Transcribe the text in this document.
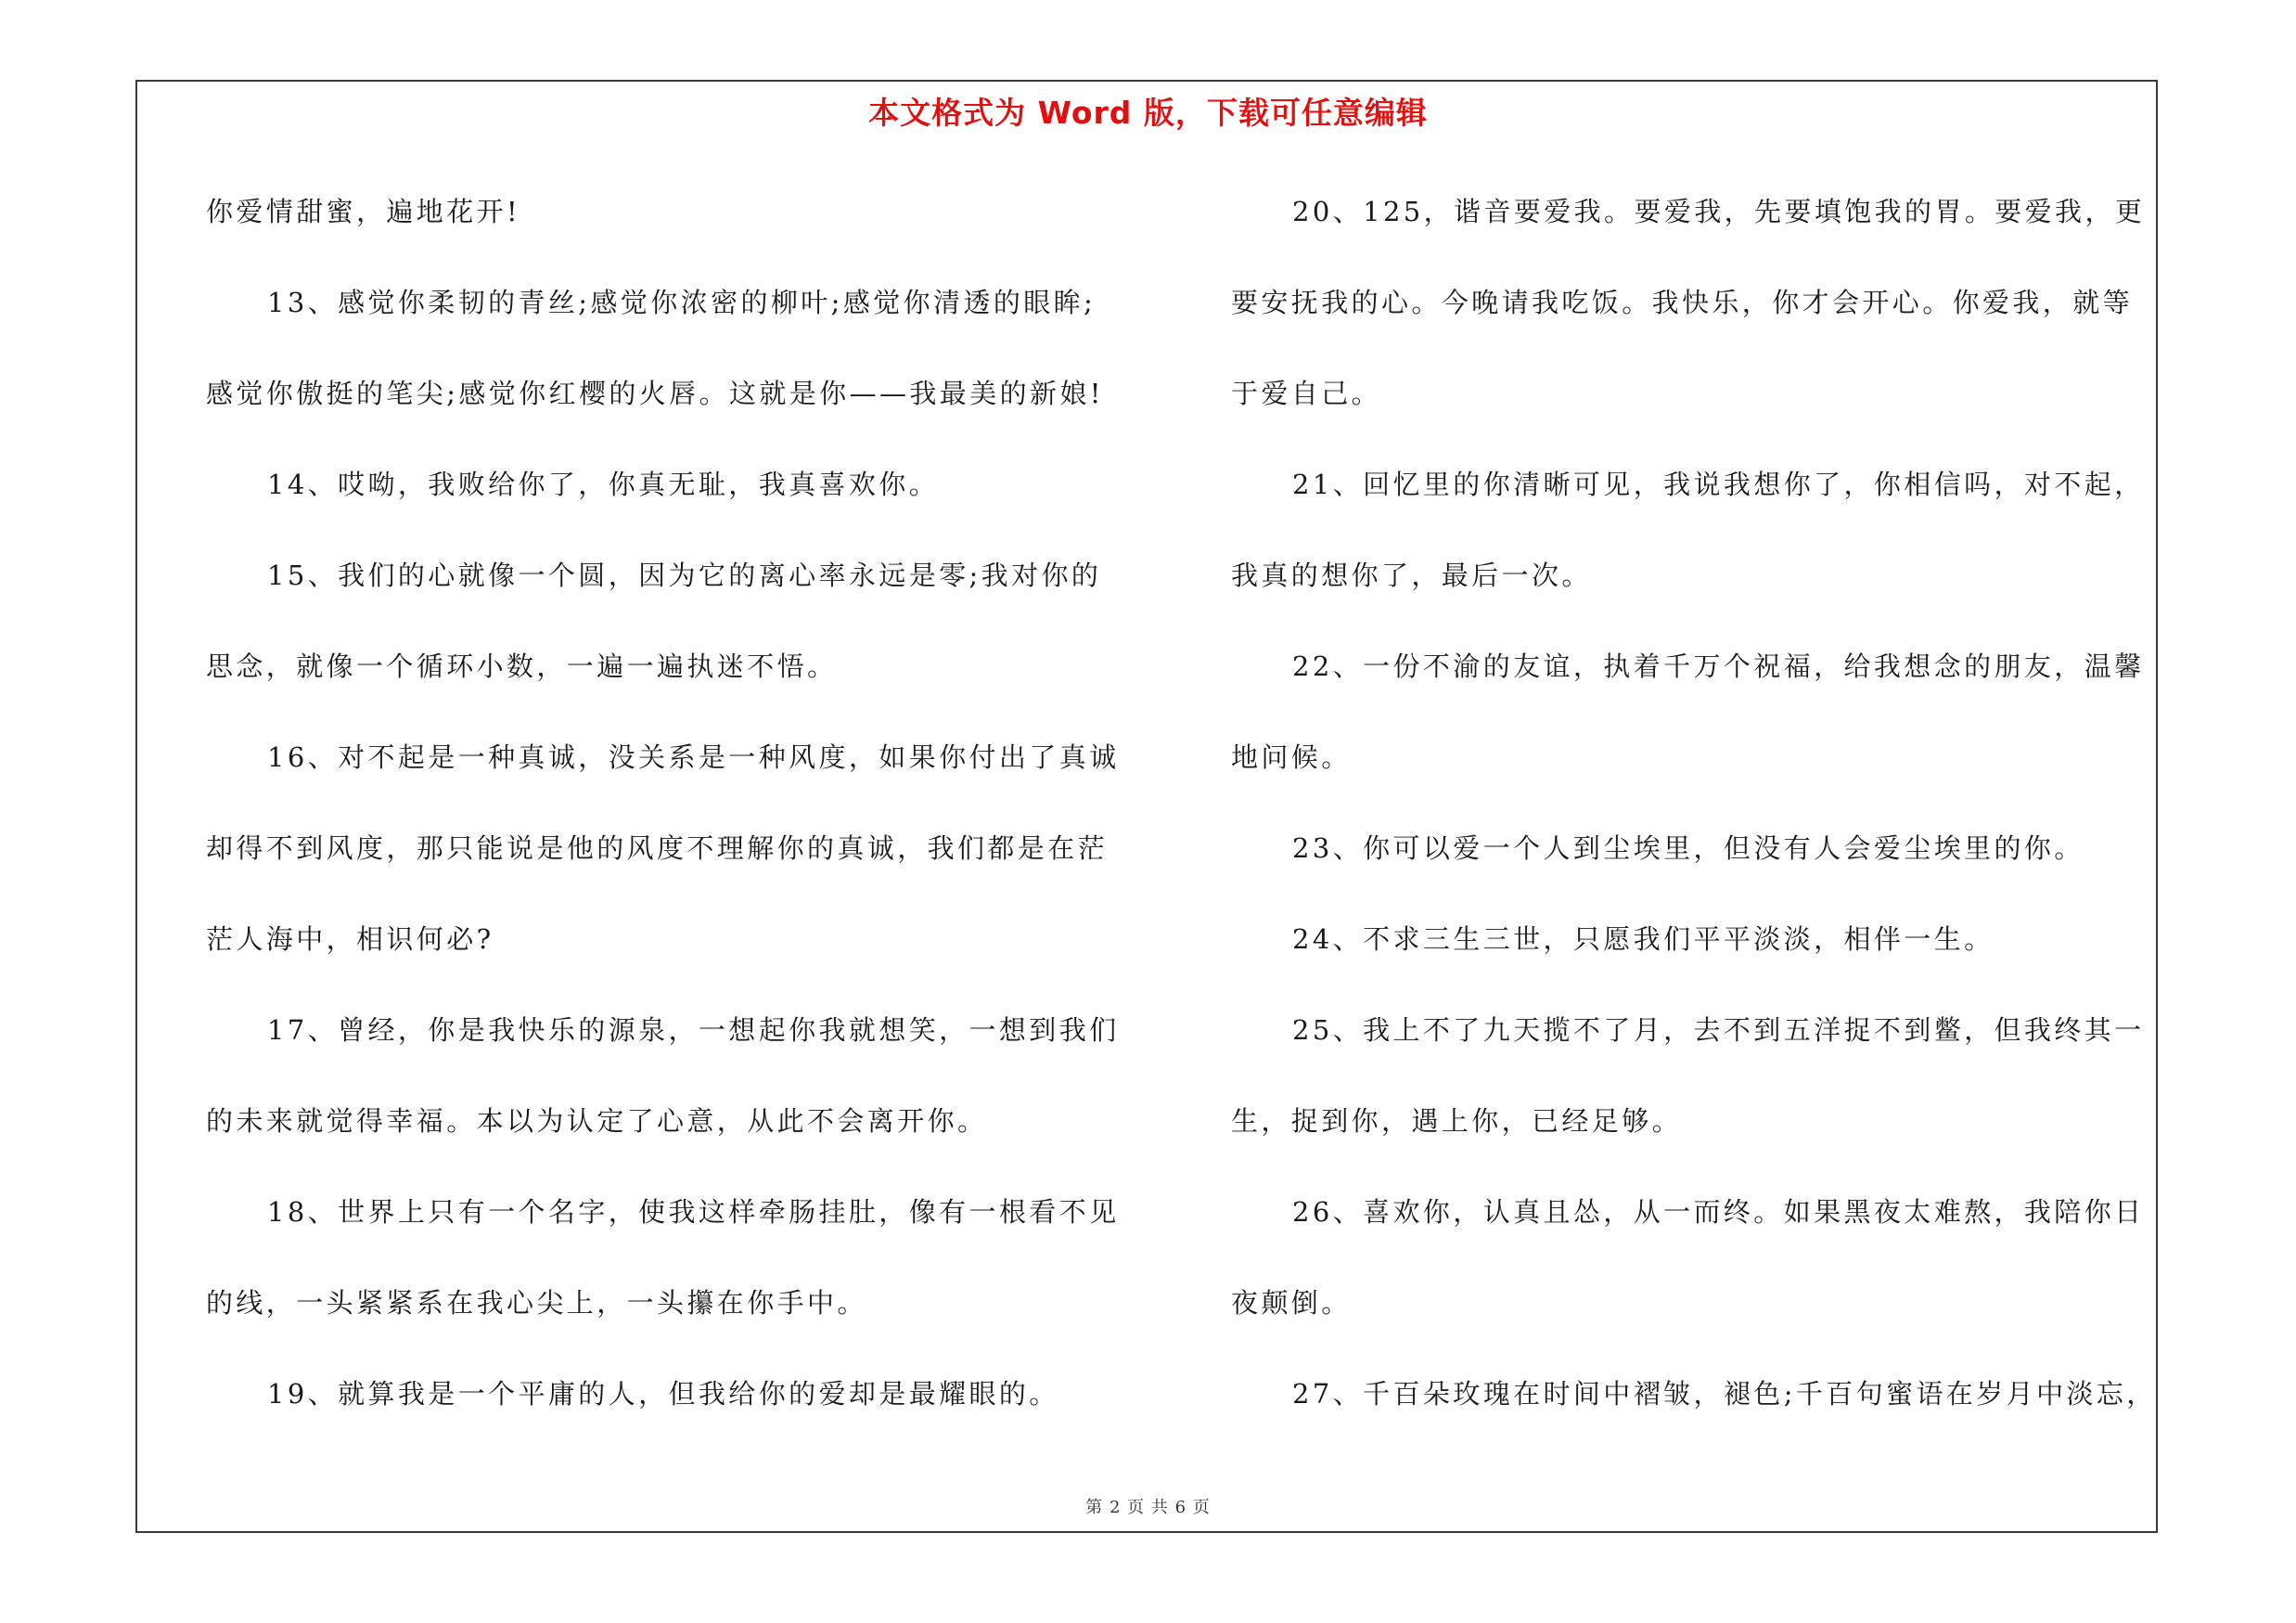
本文格式为 Word 版，下载可任意编辑
你爱情甜蜜，遍地花开!
13、感觉你柔韧的青丝;感觉你浓密的柳叶;感觉你清透的眼眸;
感觉你傲挺的笔尖;感觉你红樱的火唇。这就是你——我最美的新娘!
14、哎呦，我败给你了，你真无耻，我真喜欢你。
15、我们的心就像一个圆，因为它的离心率永远是零;我对你的
思念，就像一个循环小数，一遍一遍执迷不悟。
16、对不起是一种真诚，没关系是一种风度，如果你付出了真诚
却得不到风度，那只能说是他的风度不理解你的真诚，我们都是在茫
茫人海中，相识何必?
17、曾经，你是我快乐的源泉，一想起你我就想笑，一想到我们
的未来就觉得幸福。本以为认定了心意，从此不会离开你。
18、世界上只有一个名字，使我这样牵肠挂肚，像有一根看不见
的线，一头紧紧系在我心尖上，一头攥在你手中。
19、就算我是一个平庸的人，但我给你的爱却是最耀眼的。
20、125，谐音要爱我。要爱我，先要填饱我的胃。要爱我，更
要安抚我的心。今晚请我吃饭。我快乐，你才会开心。你爱我，就等
于爱自己。
21、回忆里的你清晰可见，我说我想你了，你相信吗，对不起，
我真的想你了，最后一次。
22、一份不渝的友谊，执着千万个祝福，给我想念的朋友，温馨
地问候。
23、你可以爱一个人到尘埃里，但没有人会爱尘埃里的你。
24、不求三生三世，只愿我们平平淡淡，相伴一生。
25、我上不了九天揽不了月，去不到五洋捉不到鳖，但我终其一
生，捉到你，遇上你，已经足够。
26、喜欢你，认真且怂，从一而终。如果黑夜太难熬，我陪你日
夜颠倒。
27、千百朵玫瑰在时间中褶皱，褪色;千百句蜜语在岁月中淡忘，
第 2 页 共 6 页
